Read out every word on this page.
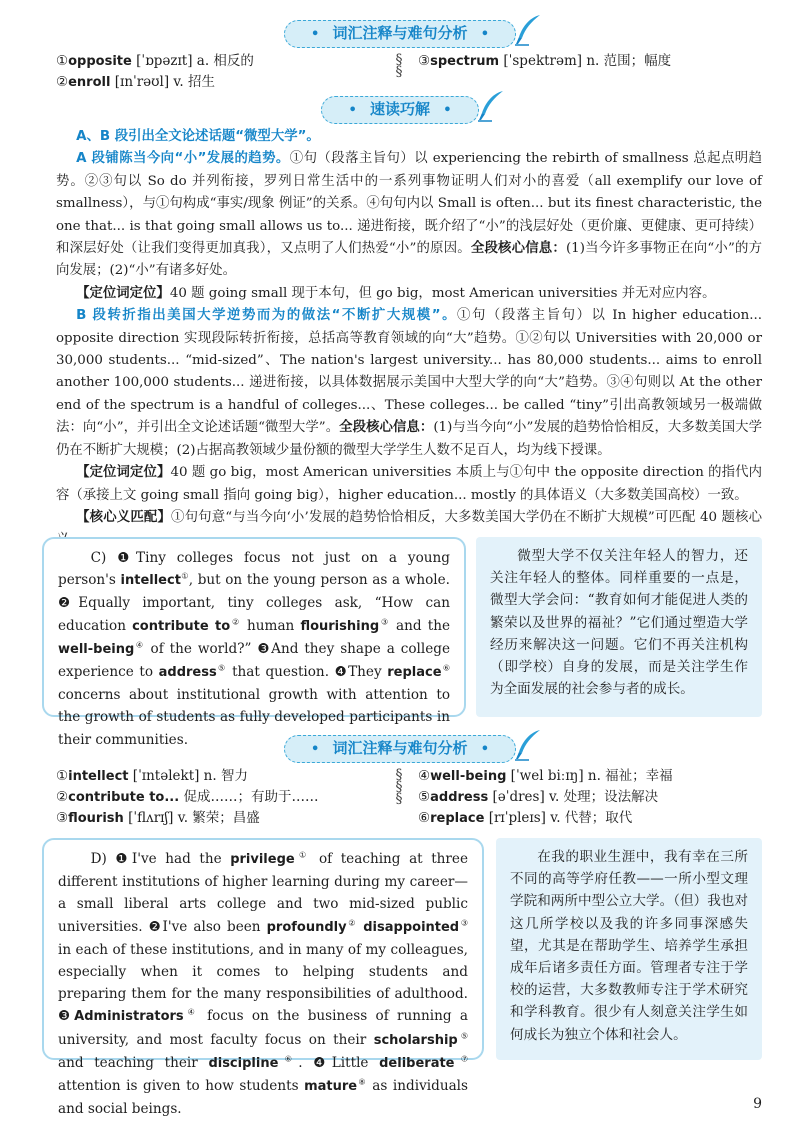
• 词汇注释与难句分析 •
①opposite [ˈɒpəzɪt] a. 相反的
②enroll [ɪnˈrəʊl] v. 招生
§
§
③spectrum [ˈspektrəm] n. 范围；幅度
• 速读巧解 •

A、B 段引出全文论述话题“微型大学”。

A 段铺陈当今向“小”发展的趋势。①句（段落主旨句）以 experiencing the rebirth of smallness 总起点明趋势。②③句以 So do 并列衔接，罗列日常生活中的一系列事物证明人们对小的喜爱（all exemplify our love of smallness），与①句构成“事实/现象 例证”的关系。④句句内以 Small is often... but its finest characteristic, the one that... is that going small allows us to... 递进衔接，既介绍了“小”的浅层好处（更价廉、更健康、更可持续）和深层好处（让我们变得更加真我），又点明了人们热爱“小”的原因。全段核心信息：(1)当今许多事物正在向“小”的方向发展；(2)“小”有诸多好处。

【定位词定位】40 题 going small 现于本句，但 go big，most American universities 并无对应内容。

B 段转折指出美国大学逆势而为的做法“不断扩大规模”。①句（段落主旨句）以 In higher education... opposite direction 实现段际转折衔接，总括高等教育领域的向“大”趋势。①②句以 Universities with 20,000 or 30,000 students... “mid-sized”、The nation's largest university... has 80,000 students... aims to enroll another 100,000 students... 递进衔接，以具体数据展示美国中大型大学的向“大”趋势。③④句则以 At the other end of the spectrum is a handful of colleges...、These colleges... be called “tiny”引出高教领域另一极端做法：向“小”，并引出全文论述话题“微型大学”。全段核心信息：(1)与当今向“小”发展的趋势恰恰相反，大多数美国大学仍在不断扩大规模；(2)占据高教领域少量份额的微型大学学生人数不足百人，均为线下授课。

【定位词定位】40 题 go big，most American universities 本质上与①句中 the opposite direction 的指代内容（承接上文 going small 指向 going big），higher education... mostly 的具体语义（大多数美国高校）一致。

【核心义匹配】①句句意“与当今向‘小’发展的趋势恰恰相反，大多数美国大学仍在不断扩大规模”可匹配 40 题核心

C) ❶Tiny colleges focus not just on a young person's intellect①, but on the young person as a whole. ❷Equally important, tiny colleges ask, “How can education contribute to② human flourishing③ and the well-being④ of the world?” ❸And they shape a college experience to address⑤ that question. ❹They replace⑥ concerns about institutional growth with attention to the growth of students as fully developed participants in their communities.

微型大学不仅关注年轻人的智力，还关注年轻人的整体。同样重要的一点是，微型大学会问：“教育如何才能促进人类的繁荣以及世界的福祉？”它们通过塑造大学经历来解决这一问题。它们不再关注机构（即学校）自身的发展，而是关注学生作为全面发展的社会参与者的成长。

• 词汇注释与难句分析 •
①intellect [ˈɪntəlekt] n. 智力
②contribute to... 促成……；有助于……
③flourish [ˈflʌrɪʃ] v. 繁荣；昌盛
§
§
§
④well-being [ˈwel biːɪŋ] n. 福祉；幸福
⑤address [əˈdres] v. 处理；设法解决
⑥replace [rɪˈpleɪs] v. 代替；取代
D) ❶I've had the privilege① of teaching at three different institutions of higher learning during my career—a small liberal arts college and two mid-sized public universities. ❷I've also been profoundly② disappointed③ in each of these institutions, and in many of my colleagues, especially when it comes to helping students and preparing them for the many responsibilities of adulthood. ❸Administrators④ focus on the business of running a university, and most faculty focus on their scholarship⑤ and teaching their discipline⑥. ❹Little deliberate⑦ attention is given to how students mature⑧ as individuals and social beings.

在我的职业生涯中，我有幸在三所不同的高等学府任教——一所小型文理学院和两所中型公立大学。（但）我也对这几所学校以及我的许多同事深感失望，尤其是在帮助学生、培养学生承担成年后诸多责任方面。管理者专注于学校的运营，大多数教师专注于学术研究和学科教育。很少有人刻意关注学生如何成长为独立个体和社会人。

9
